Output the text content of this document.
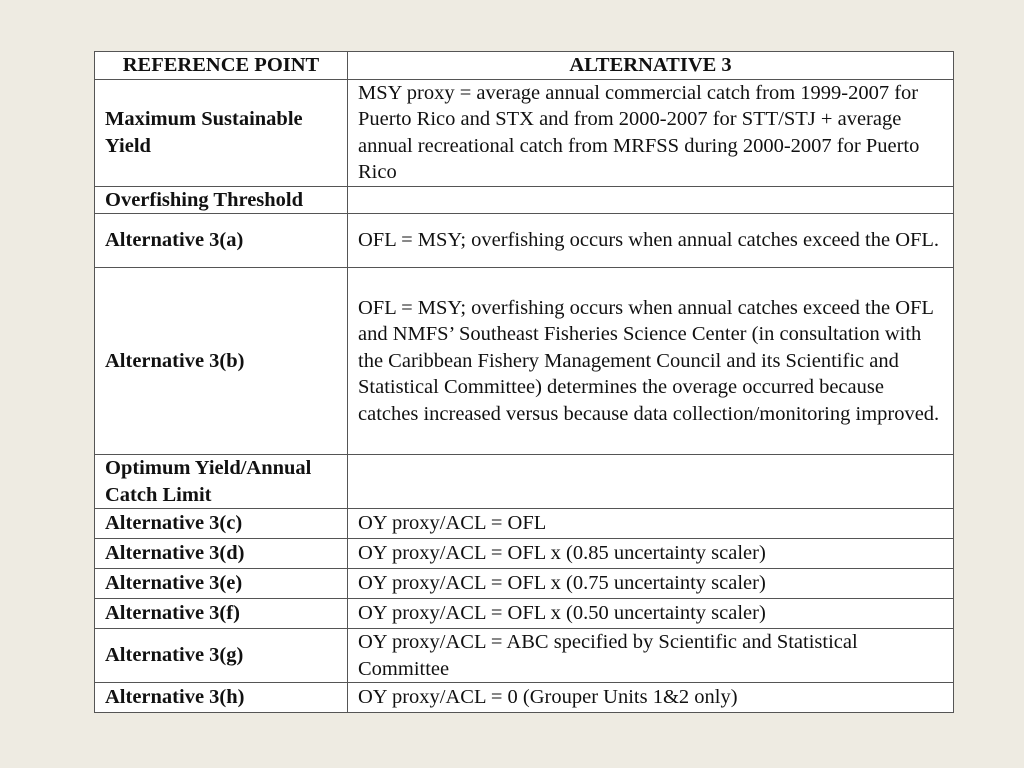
REFERENCE POINT	ALTERNATIVE 3
Maximum Sustainable Yield	MSY proxy = average annual commercial catch from 1999-2007 for Puerto Rico and STX and from 2000-2007 for STT/STJ + average annual recreational catch from MRFSS during 2000-2007 for Puerto Rico
Overfishing Threshold	
Alternative 3(a)	OFL = MSY; overfishing occurs when annual catches exceed the OFL.
Alternative 3(b)	OFL = MSY; overfishing occurs when annual catches exceed the OFL and NMFS’ Southeast Fisheries Science Center (in consultation with the Caribbean Fishery Management Council and its Scientific and Statistical Committee) determines the overage occurred because catches increased versus because data collection/monitoring improved.
Optimum Yield/Annual Catch Limit	
Alternative 3(c)	OY proxy/ACL = OFL
Alternative 3(d)	OY proxy/ACL = OFL x (0.85 uncertainty scaler)
Alternative 3(e)	OY proxy/ACL = OFL x (0.75 uncertainty scaler)
Alternative 3(f)	OY proxy/ACL = OFL x (0.50 uncertainty scaler)
Alternative 3(g)	OY proxy/ACL = ABC specified by Scientific and Statistical Committee
Alternative 3(h)	OY proxy/ACL = 0 (Grouper Units 1&2 only)
